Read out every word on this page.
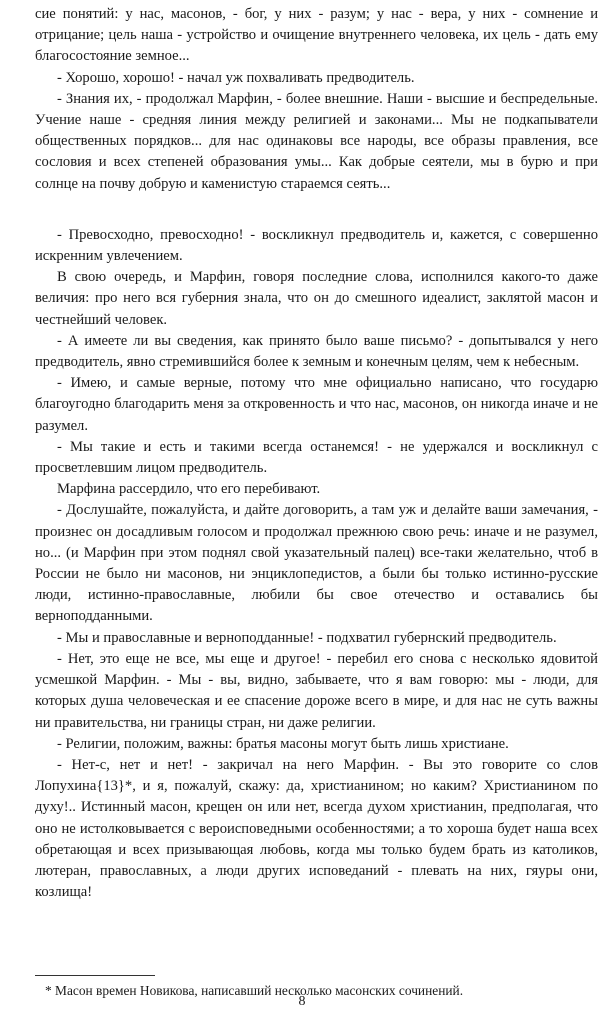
сие понятий: у нас, масонов, - бог, у них - разум; у нас - вера, у них - сомнение и отрицание; цель наша - устройство и очищение внутреннего человека, их цель - дать ему благосостояние земное...

- Хорошо, хорошо! - начал уж похваливать предводитель.

- Знания их, - продолжал Марфин, - более внешние. Наши - высшие и беспредельные. Учение наше - средняя линия между религией и законами... Мы не подкапыватели общественных порядков... для нас одинаковы все народы, все образы правления, все сословия и всех степеней образования умы... Как добрые сеятели, мы в бурю и при солнце на почву добрую и каменистую стараемся сеять...

- Превосходно, превосходно! - воскликнул предводитель и, кажется, с совершенно искренним увлечением.

В свою очередь, и Марфин, говоря последние слова, исполнился какого-то даже величия: про него вся губерния знала, что он до смешного идеалист, заклятой масон и честнейший человек.

- А имеете ли вы сведения, как принято было ваше письмо? - допытывался у него предводитель, явно стремившийся более к земным и конечным целям, чем к небесным.

- Имею, и самые верные, потому что мне официально написано, что государю благоугодно благодарить меня за откровенность и что нас, масонов, он никогда иначе и не разумел.

- Мы такие и есть и такими всегда останемся! - не удержался и воскликнул с просветлевшим лицом предводитель.

Марфина рассердило, что его перебивают.

- Дослушайте, пожалуйста, и дайте договорить, а там уж и делайте ваши замечания, - произнес он досадливым голосом и продолжал прежнюю свою речь: иначе и не разумел, но... (и Марфин при этом поднял свой указательный палец) все-таки желательно, чтоб в России не было ни масонов, ни энциклопедистов, а были бы только истинно-русские люди, истинно-православные, любили бы свое отечество и оставались бы верноподданными.

- Мы и православные и верноподданные! - подхватил губернский предводитель.

- Нет, это еще не все, мы еще и другое! - перебил его снова с несколько ядовитой усмешкой Марфин. - Мы - вы, видно, забываете, что я вам говорю: мы - люди, для которых душа человеческая и ее спасение дороже всего в мире, и для нас не суть важны ни правительства, ни границы стран, ни даже религии.

- Религии, положим, важны: братья масоны могут быть лишь христиане.

- Нет-с, нет и нет! - закричал на него Марфин. - Вы это говорите со слов Лопухина{13}*, и я, пожалуй, скажу: да, христианином; но каким? Христианином по духу!.. Истинный масон, крещен он или нет, всегда духом христианин, предполагая, что оно не истолковывается с вероисповедными особенностями; а то хороша будет наша всех обретающая и всех призывающая любовь, когда мы только будем брать из католиков, лютеран, православных, а люди других исповеданий - плевать на них, гяуры они, козлища!

* Масон времен Новикова, написавший несколько масонских сочинений.

8
